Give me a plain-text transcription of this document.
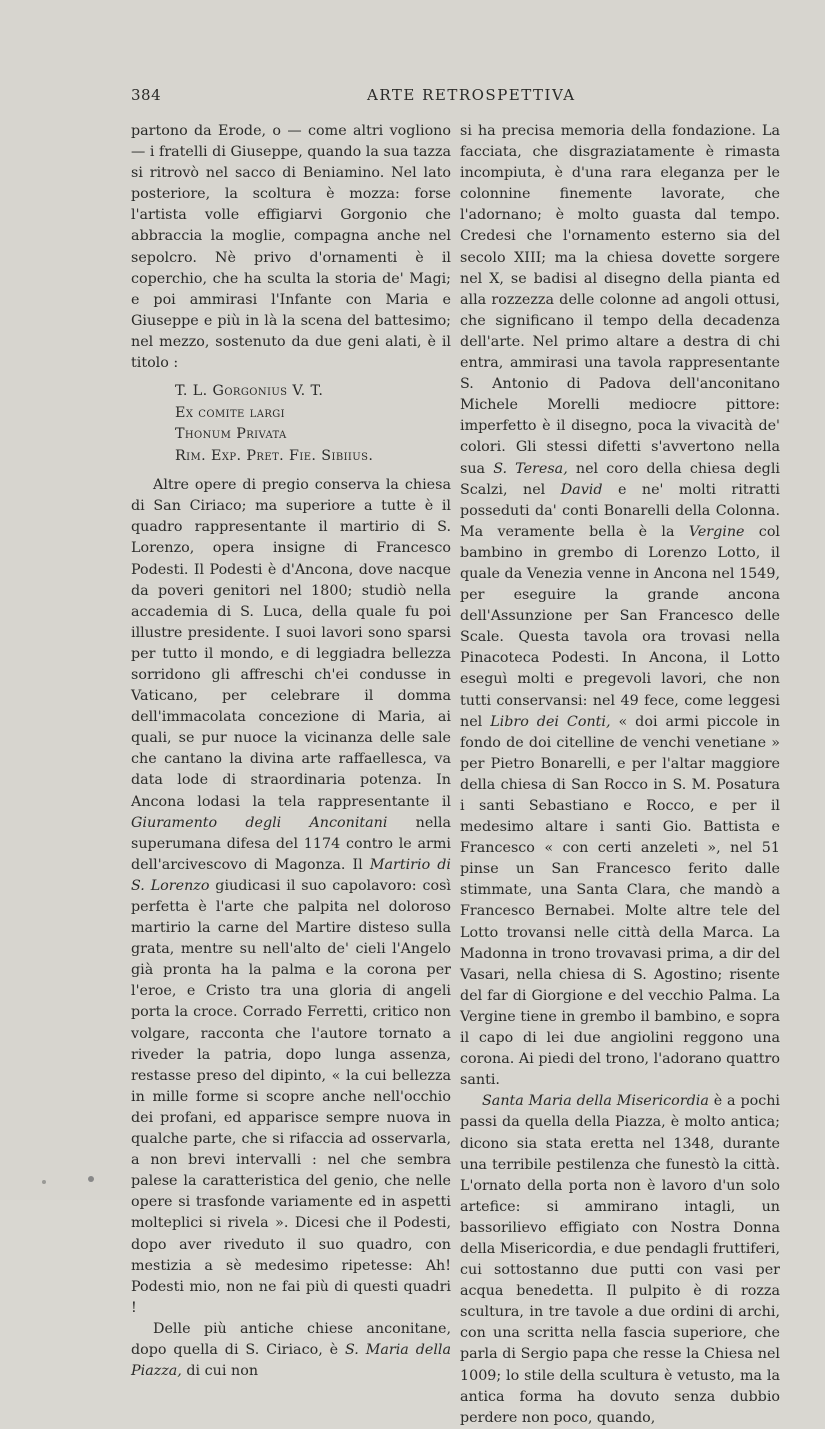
384	ARTE RETROSPETTIVA

partono da Erode, o — come altri vogliono — i fratelli di Giuseppe, quando la sua tazza si ritrovò nel sacco di Beniamino. Nel lato posteriore, la scoltura è mozza: forse l'artista volle effigiarvi Gorgonio che abbraccia la moglie, compagna anche nel sepolcro. Nè privo d'ornamenti è il coperchio, che ha sculta la storia de' Magi; e poi ammirasi l'Infante con Maria e Giuseppe e più in là la scena del battesimo; nel mezzo, sostenuto da due geni alati, è il titolo :

T. L. Gorgonius V. T.
Ex comite largi
Thonum Privata
Rim. Exp. Pret. Fie. Sibiius.

Altre opere di pregio conserva la chiesa di San Ciriaco; ma superiore a tutte è il quadro rappresentante il martirio di S. Lorenzo, opera insigne di Francesco Podesti. Il Podesti è d'Ancona, dove nacque da poveri genitori nel 1800; studiò nella accademia di S. Luca, della quale fu poi illustre presidente. I suoi lavori sono sparsi per tutto il mondo, e di leggiadra bellezza sorridono gli affreschi ch'ei condusse in Vaticano, per celebrare il domma dell'immacolata concezione di Maria, ai quali, se pur nuoce la vicinanza delle sale che cantano la divina arte raffaellesca, va data lode di straordinaria potenza. In Ancona lodasi la tela rappresentante il Giuramento degli Anconitani nella superumana difesa del 1174 contro le armi dell'arcivescovo di Magonza. Il Martirio di S. Lorenzo giudicasi il suo capolavoro: così perfetta è l'arte che palpita nel doloroso martirio la carne del Martire disteso sulla grata, mentre su nell'alto de' cieli l'Angelo già pronta ha la palma e la corona per l'eroe, e Cristo tra una gloria di angeli porta la croce. Corrado Ferretti, critico non volgare, racconta che l'autore tornato a riveder la patria, dopo lunga assenza, restasse preso del dipinto, « la cui bellezza in mille forme si scopre anche nell'occhio dei profani, ed apparisce sempre nuova in qualche parte, che si rifaccia ad osservarla, a non brevi intervalli : nel che sembra palese la caratteristica del genio, che nelle opere si trasfonde variamente ed in aspetti molteplici si rivela ». Dicesi che il Podesti, dopo aver riveduto il suo quadro, con mestizia a sè medesimo ripetesse: Ah! Podesti mio, non ne fai più di questi quadri !

Delle più antiche chiese anconitane, dopo quella di S. Ciriaco, è S. Maria della Piazza, di cui non

si ha precisa memoria della fondazione. La facciata, che disgraziatamente è rimasta incompiuta, è d'una rara eleganza per le colonnine finemente lavorate, che l'adornano; è molto guasta dal tempo. Credesi che l'ornamento esterno sia del secolo XIII; ma la chiesa dovette sorgere nel X, se badisi al disegno della pianta ed alla rozzezza delle colonne ad angoli ottusi, che significano il tempo della decadenza dell'arte. Nel primo altare a destra di chi entra, ammirasi una tavola rappresentante S. Antonio di Padova dell'anconitano Michele Morelli mediocre pittore: imperfetto è il disegno, poca la vivacità de' colori. Gli stessi difetti s'avvertono nella sua S. Teresa, nel coro della chiesa degli Scalzi, nel David e ne' molti ritratti posseduti da' conti Bonarelli della Colonna. Ma veramente bella è la Vergine col bambino in grembo di Lorenzo Lotto, il quale da Venezia venne in Ancona nel 1549, per eseguire la grande ancona dell'Assunzione per San Francesco delle Scale. Questa tavola ora trovasi nella Pinacoteca Podesti. In Ancona, il Lotto eseguì molti e pregevoli lavori, che non tutti conservansi: nel 49 fece, come leggesi nel Libro dei Conti, « doi armi piccole in fondo de doi citelline de venchi venetiane » per Pietro Bonarelli, e per l'altar maggiore della chiesa di San Rocco in S. M. Posatura i santi Sebastiano e Rocco, e per il medesimo altare i santi Gio. Battista e Francesco « con certi anzeleti », nel 51 pinse un San Francesco ferito dalle stimmate, una Santa Clara, che mandò a Francesco Bernabei. Molte altre tele del Lotto trovansi nelle città della Marca. La Madonna in trono trovavasi prima, a dir del Vasari, nella chiesa di S. Agostino; risente del far di Giorgione e del vecchio Palma. La Vergine tiene in grembo il bambino, e sopra il capo di lei due angiolini reggono una corona. Ai piedi del trono, l'adorano quattro santi.

Santa Maria della Misericordia è a pochi passi da quella della Piazza, è molto antica; dicono sia stata eretta nel 1348, durante una terribile pestilenza che funestò la città. L'ornato della porta non è lavoro d'un solo artefice: si ammirano intagli, un bassorilievo effigiato con Nostra Donna della Misericordia, e due pendagli fruttiferi, cui sottostanno due putti con vasi per acqua benedetta. Il pulpito è di rozza scultura, in tre tavole a due ordini di archi, con una scritta nella fascia superiore, che parla di Sergio papa che resse la Chiesa nel 1009; lo stile della scultura è vetusto, ma la antica forma ha dovuto senza dubbio perdere non poco, quando,
